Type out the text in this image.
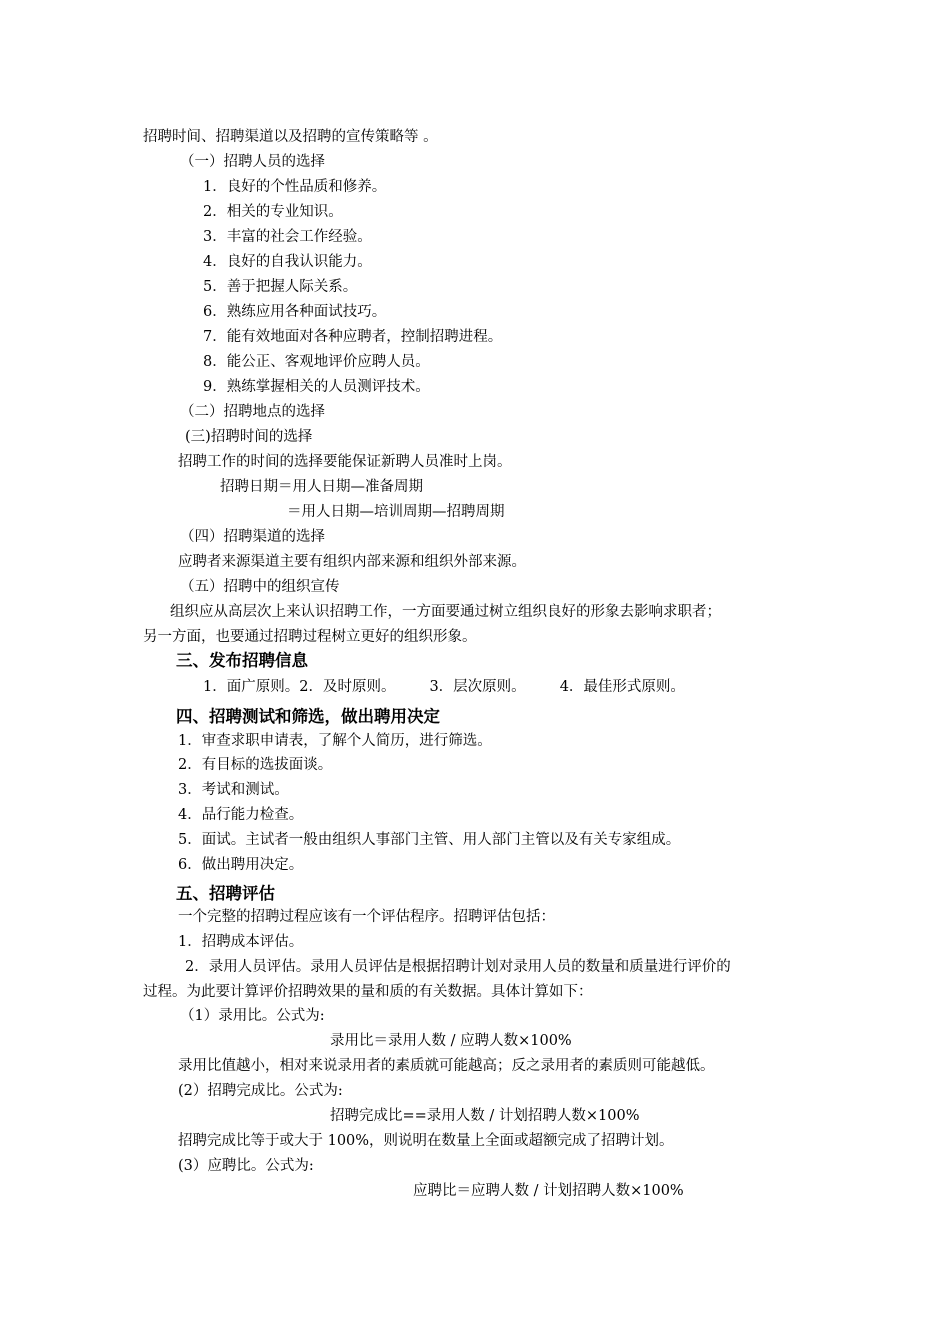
招聘时间、招聘渠道以及招聘的宣传策略等 。
（一）招聘人员的选择
1．良好的个性品质和修养。
2．相关的专业知识。
3．丰富的社会工作经验。
4．良好的自我认识能力。
5．善于把握人际关系。
6．熟练应用各种面试技巧。
7．能有效地面对各种应聘者，控制招聘进程。
8．能公正、客观地评价应聘人员。
9．熟练掌握相关的人员测评技术。
（二）招聘地点的选择
(三)招聘时间的选择
招聘工作的时间的选择要能保证新聘人员准时上岗。
招聘日期＝用人日期—准备周期
＝用人日期—培训周期—招聘周期
（四）招聘渠道的选择
应聘者来源渠道主要有组织内部来源和组织外部来源。
（五）招聘中的组织宣传
组织应从高层次上来认识招聘工作，一方面要通过树立组织良好的形象去影响求职者；
另一方面，也要通过招聘过程树立更好的组织形象。
三、发布招聘信息
1．面广原则。2．及时原则。 3．层次原则。 4．最佳形式原则。
四、招聘测试和筛选，做出聘用决定
1．审查求职申请表，了解个人简历，进行筛选。
2．有目标的选拔面谈。
3．考试和测试。
4．品行能力检查。
5．面试。主试者一般由组织人事部门主管、用人部门主管以及有关专家组成。
6．做出聘用决定。
五、招聘评估
一个完整的招聘过程应该有一个评估程序。招聘评估包括：
1．招聘成本评估。
2．录用人员评估。录用人员评估是根据招聘计划对录用人员的数量和质量进行评价的
过程。为此要计算评价招聘效果的量和质的有关数据。具体计算如下：
（1）录用比。公式为:
录用比＝录用人数 / 应聘人数×100%
录用比值越小，相对来说录用者的素质就可能越高；反之录用者的素质则可能越低。
(2）招聘完成比。公式为:
招聘完成比==录用人数 / 计划招聘人数×100%
招聘完成比等于或大于 100%，则说明在数量上全面或超额完成了招聘计划。
(3）应聘比。公式为:
应聘比＝应聘人数 / 计划招聘人数×100%
